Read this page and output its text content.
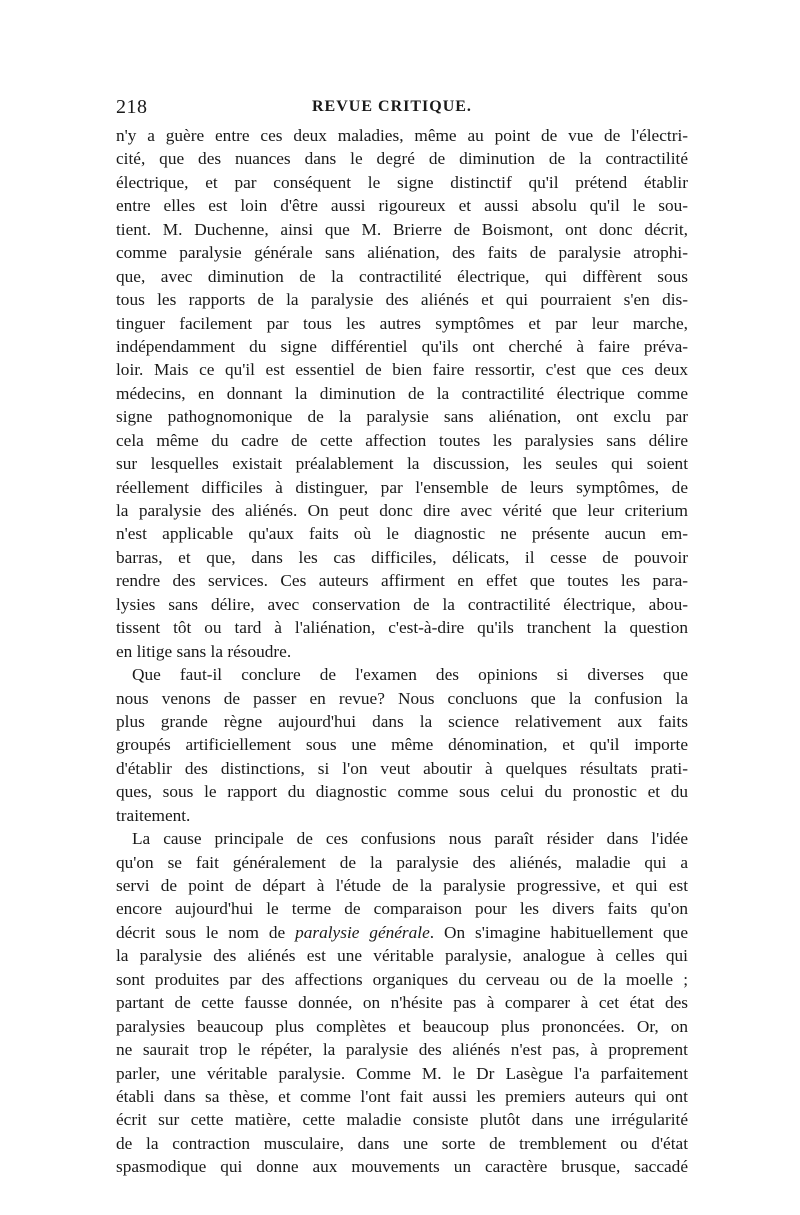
218	REVUE CRITIQUE.
n'y a guère entre ces deux maladies, même au point de vue de l'électri-
cité, que des nuances dans le degré de diminution de la contractilité
électrique, et par conséquent le signe distinctif qu'il prétend établir
entre elles est loin d'être aussi rigoureux et aussi absolu qu'il le sou-
tient. M. Duchenne, ainsi que M. Brierre de Boismont, ont donc décrit,
comme paralysie générale sans aliénation, des faits de paralysie atrophi-
que, avec diminution de la contractilité électrique, qui diffèrent sous
tous les rapports de la paralysie des aliénés et qui pourraient s'en dis-
tinguer facilement par tous les autres symptômes et par leur marche,
indépendamment du signe différentiel qu'ils ont cherché à faire préva-
loir. Mais ce qu'il est essentiel de bien faire ressortir, c'est que ces deux
médecins, en donnant la diminution de la contractilité électrique comme
signe pathognomonique de la paralysie sans aliénation, ont exclu par
cela même du cadre de cette affection toutes les paralysies sans délire
sur lesquelles existait préalablement la discussion, les seules qui soient
réellement difficiles à distinguer, par l'ensemble de leurs symptômes, de
la paralysie des aliénés. On peut donc dire avec vérité que leur criterium
n'est applicable qu'aux faits où le diagnostic ne présente aucun em-
barras, et que, dans les cas difficiles, délicats, il cesse de pouvoir
rendre des services. Ces auteurs affirment en effet que toutes les para-
lysies sans délire, avec conservation de la contractilité électrique, abou-
tissent tôt ou tard à l'aliénation, c'est-à-dire qu'ils tranchent la question
en litige sans la résoudre.
Que faut-il conclure de l'examen des opinions si diverses que
nous venons de passer en revue? Nous concluons que la confusion la
plus grande règne aujourd'hui dans la science relativement aux faits
groupés artificiellement sous une même dénomination, et qu'il importe
d'établir des distinctions, si l'on veut aboutir à quelques résultats prati-
ques, sous le rapport du diagnostic comme sous celui du pronostic et du
traitement.
La cause principale de ces confusions nous paraît résider dans l'idée
qu'on se fait généralement de la paralysie des aliénés, maladie qui a
servi de point de départ à l'étude de la paralysie progressive, et qui est
encore aujourd'hui le terme de comparaison pour les divers faits qu'on
décrit sous le nom de paralysie générale. On s'imagine habituellement que
la paralysie des aliénés est une véritable paralysie, analogue à celles qui
sont produites par des affections organiques du cerveau ou de la moelle ;
partant de cette fausse donnée, on n'hésite pas à comparer à cet état des
paralysies beaucoup plus complètes et beaucoup plus prononcées. Or, on
ne saurait trop le répéter, la paralysie des aliénés n'est pas, à proprement
parler, une véritable paralysie. Comme M. le Dr Lasègue l'a parfaitement
établi dans sa thèse, et comme l'ont fait aussi les premiers auteurs qui ont
écrit sur cette matière, cette maladie consiste plutôt dans une irrégularité
de la contraction musculaire, dans une sorte de tremblement ou d'état
spasmodique qui donne aux mouvements un caractère brusque, saccadé
